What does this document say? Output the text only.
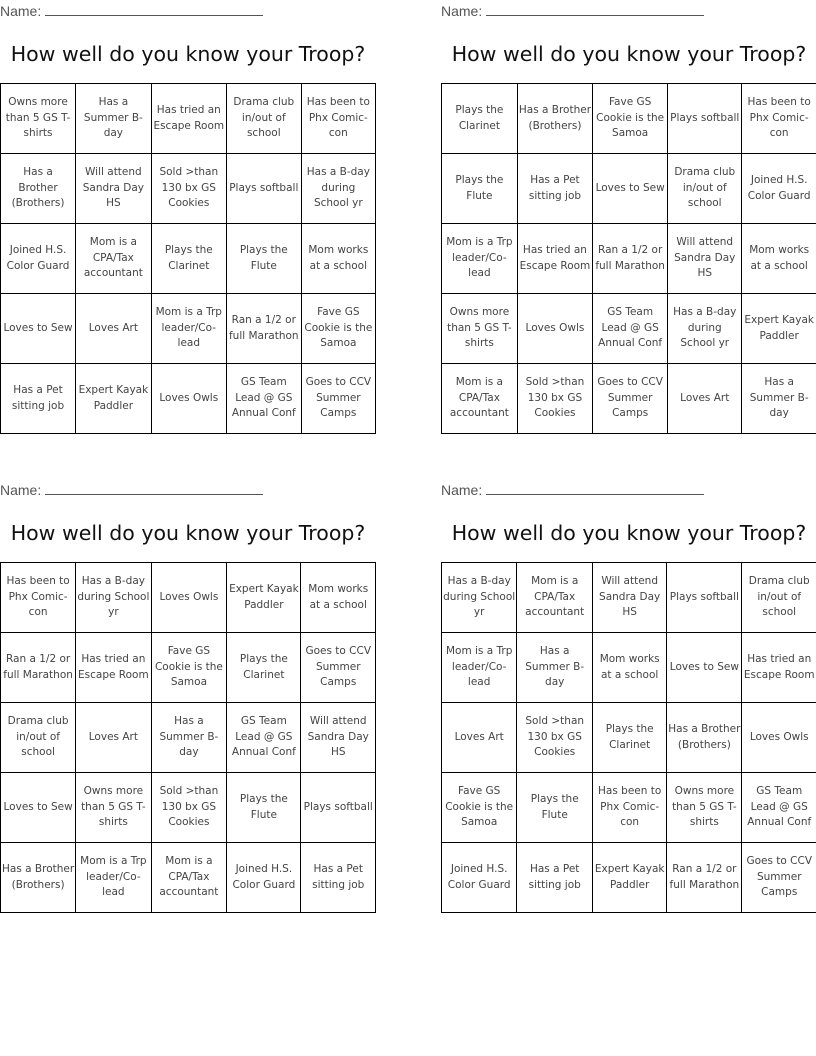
Name:
How well do you know your Troop?
Owns more than 5 GS T-shirts	Has a Summer B-day	Has tried an Escape Room	Drama club in/out of school	Has been to Phx Comic-con
Has a Brother (Brothers)	Will attend Sandra Day HS	Sold >than 130 bx GS Cookies	Plays softball	Has a B-day during School yr
Joined H.S. Color Guard	Mom is a CPA/Tax accountant	Plays the Clarinet	Plays the Flute	Mom works at a school
Loves to Sew	Loves Art	Mom is a Trp leader/Co-lead	Ran a 1/2 or full Marathon	Fave GS Cookie is the Samoa
Has a Pet sitting job	Expert Kayak Paddler	Loves Owls	GS Team Lead @ GS Annual Conf	Goes to CCV Summer Camps
Name:
How well do you know your Troop?
Plays the Clarinet	Has a Brother (Brothers)	Fave GS Cookie is the Samoa	Plays softball	Has been to Phx Comic-con
Plays the Flute	Has a Pet sitting job	Loves to Sew	Drama club in/out of school	Joined H.S. Color Guard
Mom is a Trp leader/Co-lead	Has tried an Escape Room	Ran a 1/2 or full Marathon	Will attend Sandra Day HS	Mom works at a school
Owns more than 5 GS T-shirts	Loves Owls	GS Team Lead @ GS Annual Conf	Has a B-day during School yr	Expert Kayak Paddler
Mom is a CPA/Tax accountant	Sold >than 130 bx GS Cookies	Goes to CCV Summer Camps	Loves Art	Has a Summer B-day
Name:
How well do you know your Troop?
Has been to Phx Comic-con	Has a B-day during School yr	Loves Owls	Expert Kayak Paddler	Mom works at a school
Ran a 1/2 or full Marathon	Has tried an Escape Room	Fave GS Cookie is the Samoa	Plays the Clarinet	Goes to CCV Summer Camps
Drama club in/out of school	Loves Art	Has a Summer B-day	GS Team Lead @ GS Annual Conf	Will attend Sandra Day HS
Loves to Sew	Owns more than 5 GS T-shirts	Sold >than 130 bx GS Cookies	Plays the Flute	Plays softball
Has a Brother (Brothers)	Mom is a Trp leader/Co-lead	Mom is a CPA/Tax accountant	Joined H.S. Color Guard	Has a Pet sitting job
Name:
How well do you know your Troop?
Has a B-day during School yr	Mom is a CPA/Tax accountant	Will attend Sandra Day HS	Plays softball	Drama club in/out of school
Mom is a Trp leader/Co-lead	Has a Summer B-day	Mom works at a school	Loves to Sew	Has tried an Escape Room
Loves Art	Sold >than 130 bx GS Cookies	Plays the Clarinet	Has a Brother (Brothers)	Loves Owls
Fave GS Cookie is the Samoa	Plays the Flute	Has been to Phx Comic-con	Owns more than 5 GS T-shirts	GS Team Lead @ GS Annual Conf
Joined H.S. Color Guard	Has a Pet sitting job	Expert Kayak Paddler	Ran a 1/2 or full Marathon	Goes to CCV Summer Camps
